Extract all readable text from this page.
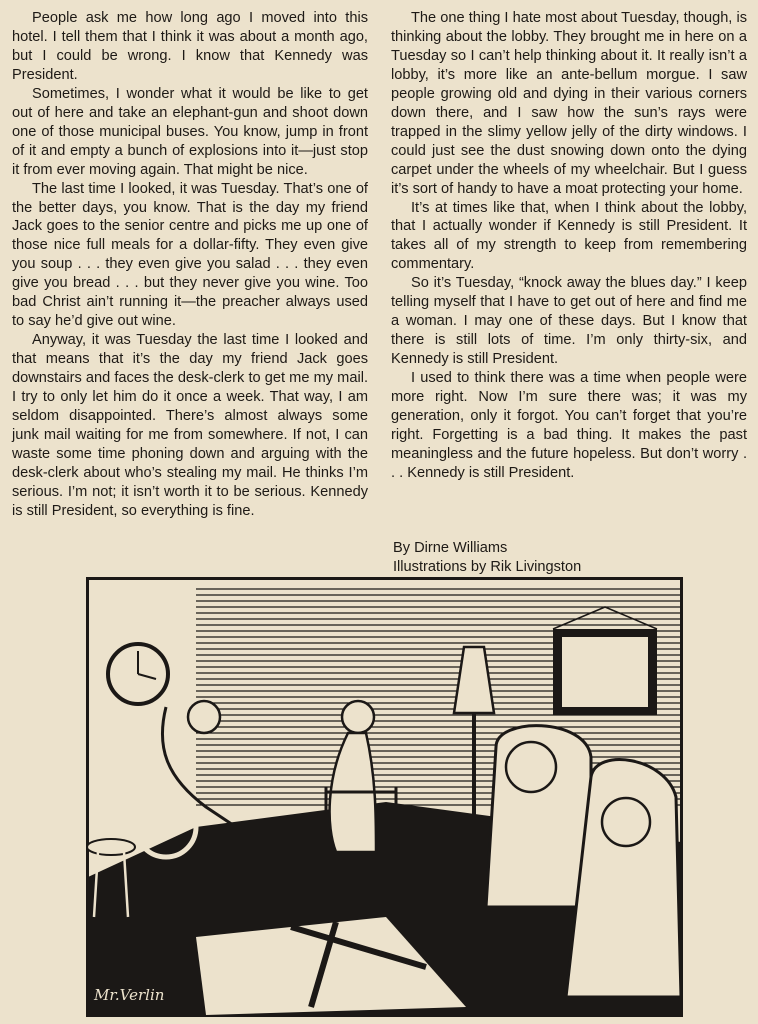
People ask me how long ago I moved into this hotel. I tell them that I think it was about a month ago, but I could be wrong. I know that Kennedy was President.

Sometimes, I wonder what it would be like to get out of here and take an elephant-gun and shoot down one of those municipal buses. You know, jump in front of it and empty a bunch of explosions into it—just stop it from ever moving again. That might be nice.

The last time I looked, it was Tuesday. That’s one of the better days, you know. That is the day my friend Jack goes to the senior centre and picks me up one of those nice full meals for a dollar-fifty. They even give you soup . . . they even give you salad . . . they even give you bread . . . but they never give you wine. Too bad Christ ain’t running it—the preacher always used to say he’d give out wine.

Anyway, it was Tuesday the last time I looked and that means that it’s the day my friend Jack goes downstairs and faces the desk-clerk to get me my mail. I try to only let him do it once a week. That way, I am seldom disappointed. There’s almost always some junk mail waiting for me from somewhere. If not, I can waste some time phoning down and arguing with the desk-clerk about who’s stealing my mail. He thinks I’m serious. I’m not; it isn’t worth it to be serious. Kennedy is still President, so everything is fine.

The one thing I hate most about Tuesday, though, is thinking about the lobby. They brought me in here on a Tuesday so I can’t help thinking about it. It really isn’t a lobby, it’s more like an ante-bellum morgue. I saw people growing old and dying in their various corners down there, and I saw how the sun’s rays were trapped in the slimy yellow jelly of the dirty windows. I could just see the dust snowing down onto the dying carpet under the wheels of my wheelchair. But I guess it’s sort of handy to have a moat protecting your home.

It’s at times like that, when I think about the lobby, that I actually wonder if Kennedy is still President. It takes all of my strength to keep from remembering commentary.

So it’s Tuesday, “knock away the blues day.” I keep telling myself that I have to get out of here and find me a woman. I may one of these days. But I know that there is still lots of time. I’m only thirty-six, and Kennedy is still President.

I used to think there was a time when people were more right. Now I’m sure there was; it was my generation, only it forgot. You can’t forget that you’re right. Forgetting is a bad thing. It makes the past meaningless and the future hopeless. But don’t worry . . . Kennedy is still President.

By Dirne Williams
Illustrations by Rik Livingston
Mr.Verlin
